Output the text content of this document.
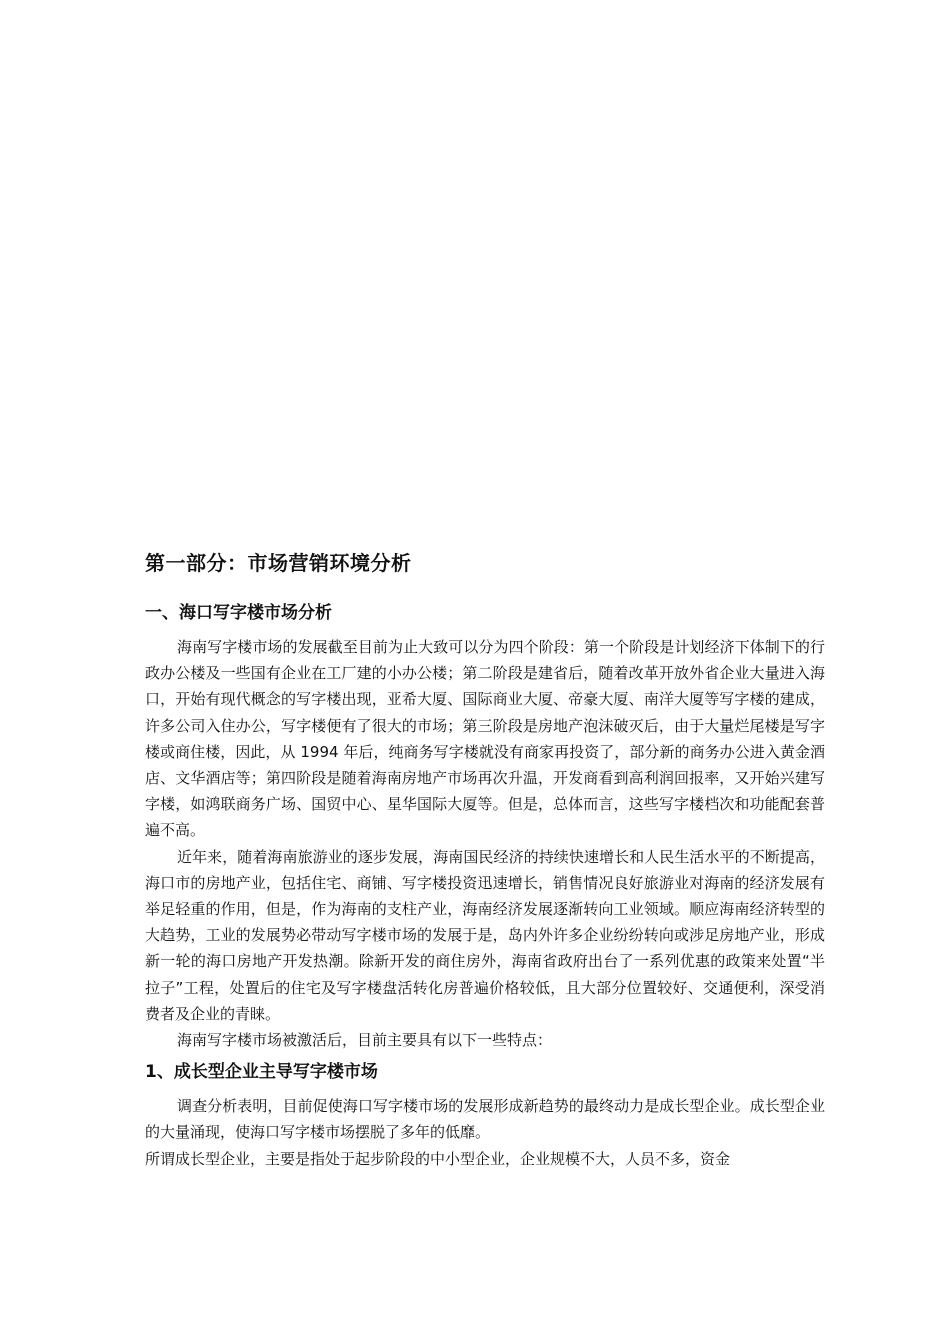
第一部分：市场营销环境分析
一、海口写字楼市场分析

海南写字楼市场的发展截至目前为止大致可以分为四个阶段：第一个阶段是计划经济下体制下的行政办公楼及一些国有企业在工厂建的小办公楼；第二阶段是建省后，随着改革开放外省企业大量进入海口，开始有现代概念的写字楼出现，亚希大厦、国际商业大厦、帝豪大厦、南洋大厦等写字楼的建成，许多公司入住办公，写字楼便有了很大的市场；第三阶段是房地产泡沫破灭后，由于大量烂尾楼是写字楼或商住楼，因此，从 1994 年后，纯商务写字楼就没有商家再投资了，部分新的商务办公进入黄金酒店、文华酒店等；第四阶段是随着海南房地产市场再次升温，开发商看到高利润回报率，又开始兴建写字楼，如鸿联商务广场、国贸中心、星华国际大厦等。但是，总体而言，这些写字楼档次和功能配套普遍不高。

近年来，随着海南旅游业的逐步发展，海南国民经济的持续快速增长和人民生活水平的不断提高，海口市的房地产业，包括住宅、商铺、写字楼投资迅速增长，销售情况良好旅游业对海南的经济发展有举足轻重的作用，但是，作为海南的支柱产业，海南经济发展逐渐转向工业领域。顺应海南经济转型的大趋势，工业的发展势必带动写字楼市场的发展于是，岛内外许多企业纷纷转向或涉足房地产业，形成新一轮的海口房地产开发热潮。除新开发的商住房外，海南省政府出台了一系列优惠的政策来处置“半拉子”工程，处置后的住宅及写字楼盘活转化房普遍价格较低，且大部分位置较好、交通便利，深受消费者及企业的青睐。

海南写字楼市场被激活后，目前主要具有以下一些特点：

1、成长型企业主导写字楼市场

调查分析表明，目前促使海口写字楼市场的发展形成新趋势的最终动力是成长型企业。成长型企业的大量涌现，使海口写字楼市场摆脱了多年的低靡。

所谓成长型企业，主要是指处于起步阶段的中小型企业，企业规模不大，人员不多，资金
